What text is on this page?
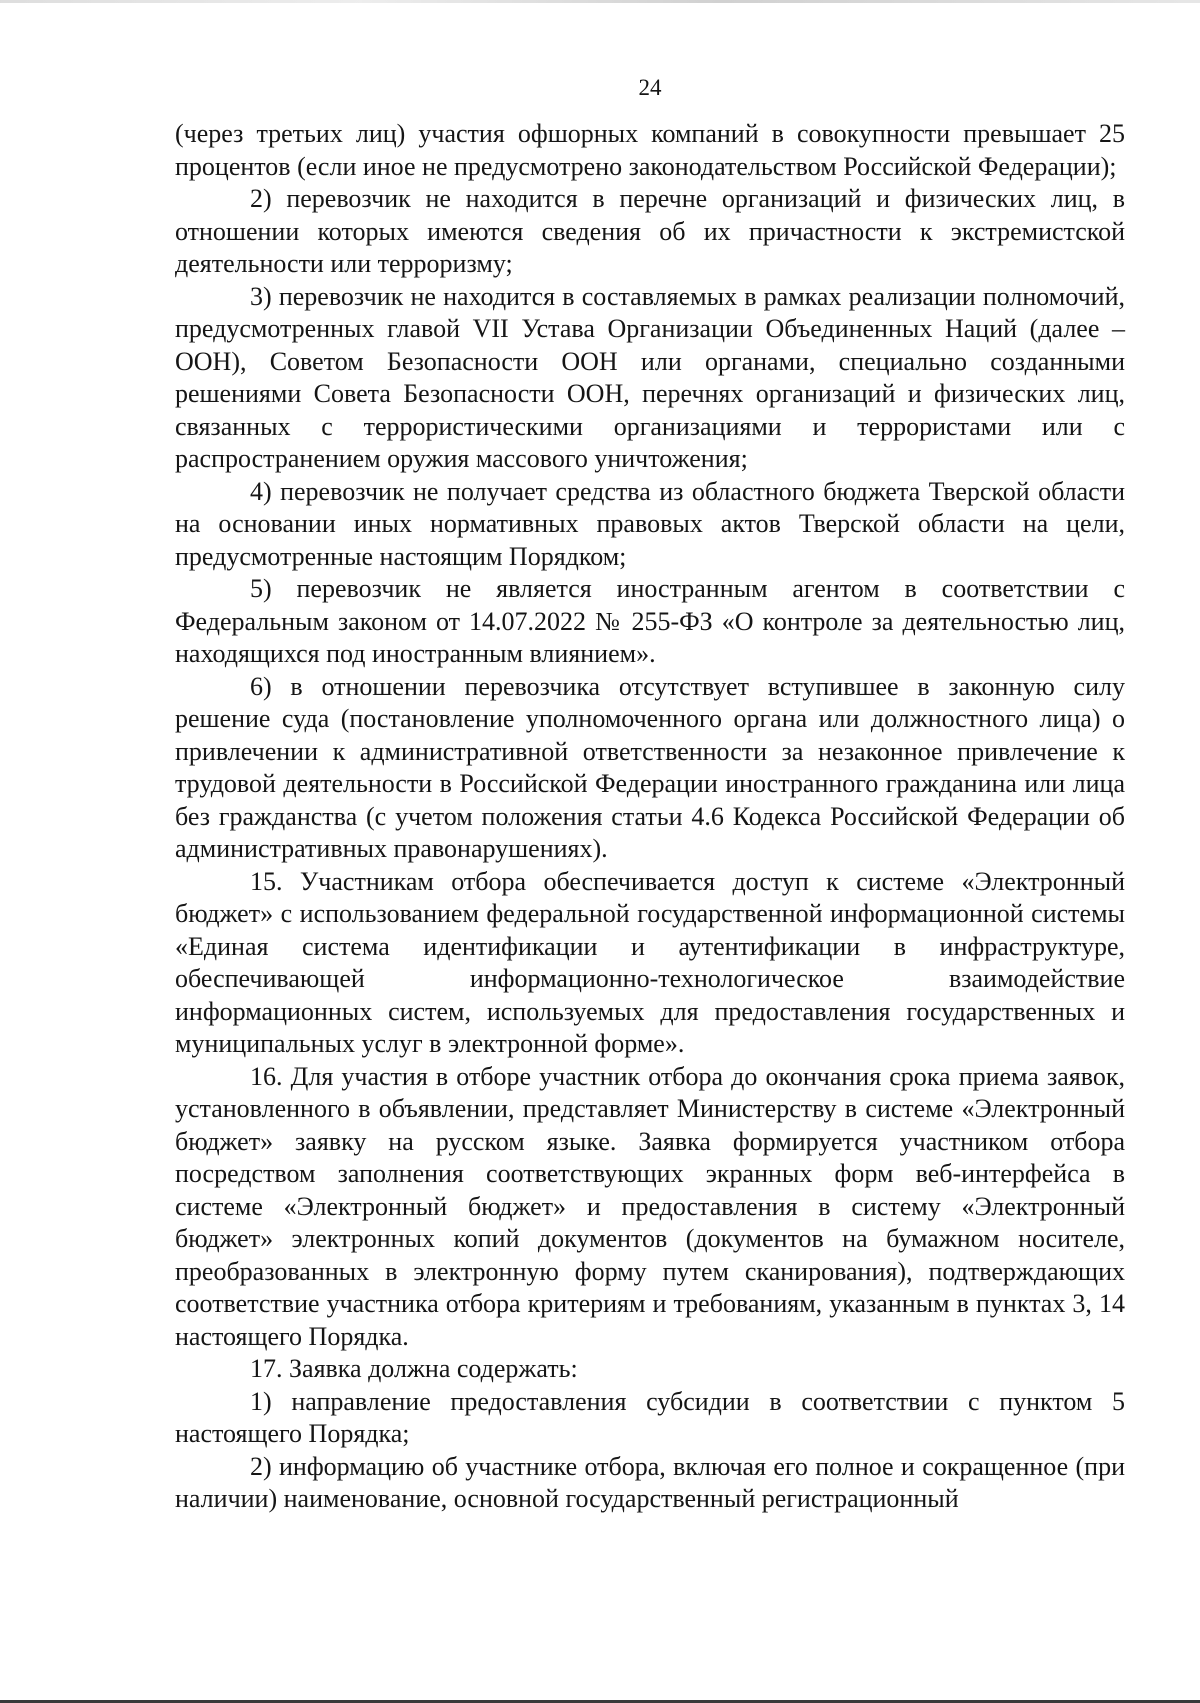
24

(через третьих лиц) участия офшорных компаний в совокупности превышает 25 процентов (если иное не предусмотрено законодательством Российской Федерации);

2) перевозчик не находится в перечне организаций и физических лиц, в отношении которых имеются сведения об их причастности к экстремистской деятельности или терроризму;

3) перевозчик не находится в составляемых в рамках реализации полномочий, предусмотренных главой VII Устава Организации Объединенных Наций (далее – ООН), Советом Безопасности ООН или органами, специально созданными решениями Совета Безопасности ООН, перечнях организаций и физических лиц, связанных с террористическими организациями и террористами или с распространением оружия массового уничтожения;

4) перевозчик не получает средства из областного бюджета Тверской области на основании иных нормативных правовых актов Тверской области на цели, предусмотренные настоящим Порядком;

5) перевозчик не является иностранным агентом в соответствии с Федеральным законом от 14.07.2022 № 255-ФЗ «О контроле за деятельностью лиц, находящихся под иностранным влиянием».

6) в отношении перевозчика отсутствует вступившее в законную силу решение суда (постановление уполномоченного органа или должностного лица) о привлечении к административной ответственности за незаконное привлечение к трудовой деятельности в Российской Федерации иностранного гражданина или лица без гражданства (с учетом положения статьи 4.6 Кодекса Российской Федерации об административных правонарушениях).

15. Участникам отбора обеспечивается доступ к системе «Электронный бюджет» с использованием федеральной государственной информационной системы «Единая система идентификации и аутентификации в инфраструктуре, обеспечивающей информационно-технологическое взаимодействие информационных систем, используемых для предоставления государственных и муниципальных услуг в электронной форме».

16. Для участия в отборе участник отбора до окончания срока приема заявок, установленного в объявлении, представляет Министерству в системе «Электронный бюджет» заявку на русском языке. Заявка формируется участником отбора посредством заполнения соответствующих экранных форм веб-интерфейса в системе «Электронный бюджет» и предоставления в систему «Электронный бюджет» электронных копий документов (документов на бумажном носителе, преобразованных в электронную форму путем сканирования), подтверждающих соответствие участника отбора критериям и требованиям, указанным в пунктах 3, 14 настоящего Порядка.

17. Заявка должна содержать:

1) направление предоставления субсидии в соответствии с пунктом 5 настоящего Порядка;

2) информацию об участнике отбора, включая его полное и сокращенное (при наличии) наименование, основной государственный регистрационный
